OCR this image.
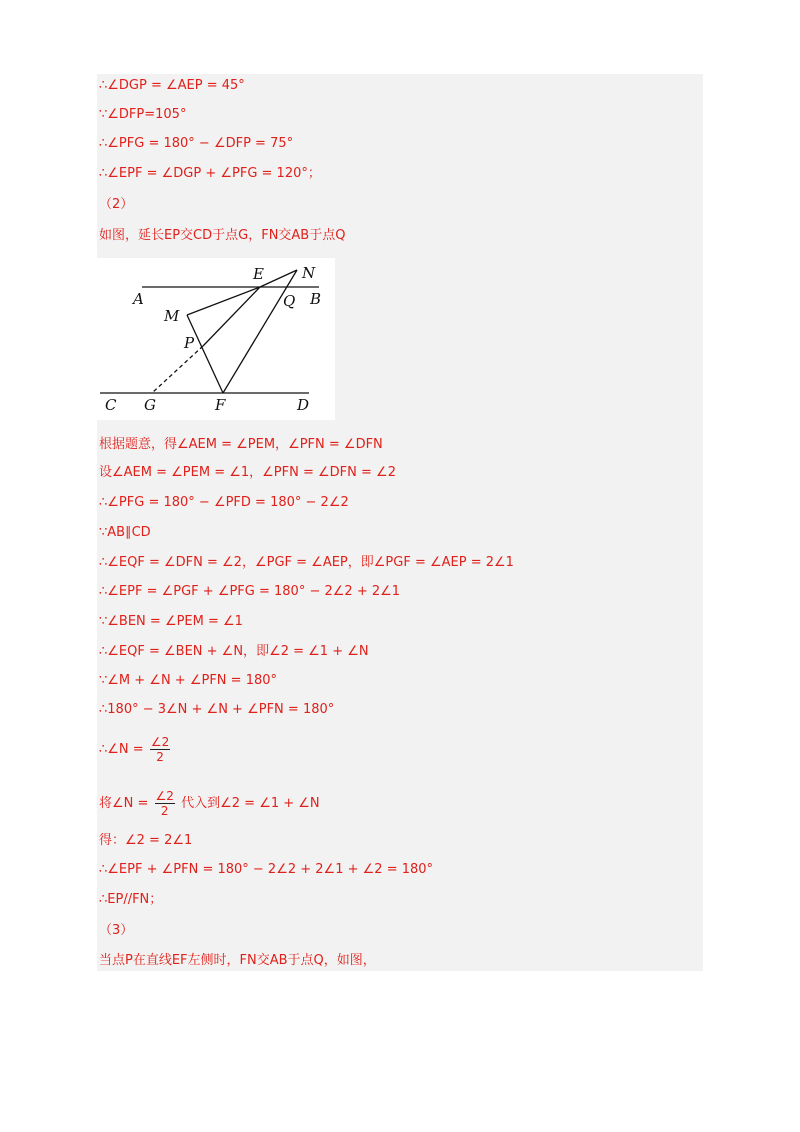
∴∠DGP = ∠AEP = 45°
∵∠DFP=105°
∴∠PFG = 180° − ∠DFP = 75°
∴∠EPF = ∠DGP + ∠PFG = 120°；
（2）
如图，延长EP交CD于点G，FN交AB于点Q
E	N
A	Q B
M
P
C G	F	D
根据题意，得∠AEM = ∠PEM，∠PFN = ∠DFN
设∠AEM = ∠PEM = ∠1，∠PFN = ∠DFN = ∠2
∴∠PFG = 180° − ∠PFD = 180° − 2∠2
∵AB∥CD
∴∠EQF = ∠DFN = ∠2，∠PGF = ∠AEP，即∠PGF = ∠AEP = 2∠1
∴∠EPF = ∠PGF + ∠PFG = 180° − 2∠2 + 2∠1
∵∠BEN = ∠PEM = ∠1
∴∠EQF = ∠BEN + ∠N，即∠2 = ∠1 + ∠N
∵∠M + ∠N + ∠PFN = 180°
∴180° − 3∠N + ∠N + ∠PFN = 180°
∴∠N = $\frac{\angle 2}{2}$
将∠N = $\frac{\angle 2}{2}$ 代入到∠2 = ∠1 + ∠N
得：∠2 = 2∠1
∴∠EPF + ∠PFN = 180° − 2∠2 + 2∠1 + ∠2 = 180°
∴EP//FN；
（3）
当点P在直线EF左侧时，FN交AB于点Q，如图，
